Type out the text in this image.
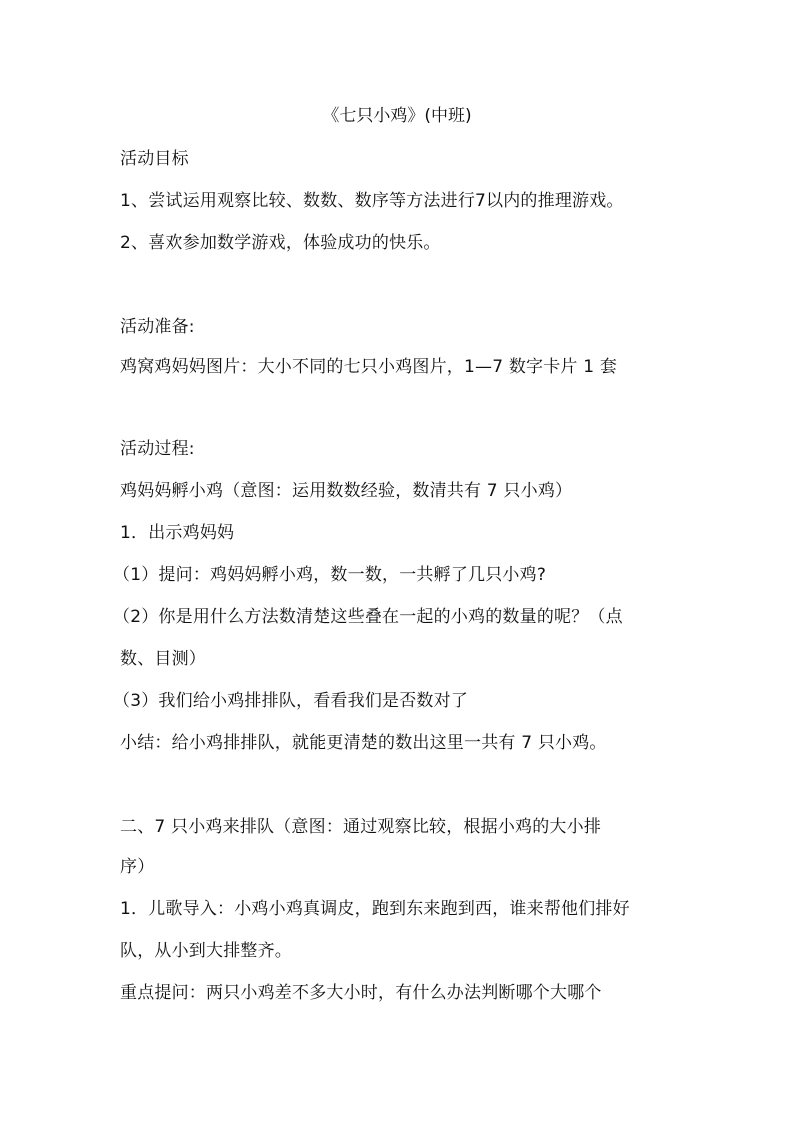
《七只小鸡》(中班)
活动目标
1、尝试运用观察比较、数数、数序等方法进行7以内的推理游戏。
2、喜欢参加数学游戏，体验成功的快乐。
活动准备:
鸡窝鸡妈妈图片：大小不同的七只小鸡图片，1—7 数字卡片 1 套
活动过程:
鸡妈妈孵小鸡（意图：运用数数经验，数清共有 7 只小鸡）
1．出示鸡妈妈
（1）提问：鸡妈妈孵小鸡，数一数，一共孵了几只小鸡?
（2）你是用什么方法数清楚这些叠在一起的小鸡的数量的呢？（点
数、目测）
（3）我们给小鸡排排队，看看我们是否数对了
小结：给小鸡排排队，就能更清楚的数出这里一共有 7 只小鸡。
二、7 只小鸡来排队（意图：通过观察比较，根据小鸡的大小排
序）
1．儿歌导入：小鸡小鸡真调皮，跑到东来跑到西，谁来帮他们排好
队，从小到大排整齐。
重点提问：两只小鸡差不多大小时，有什么办法判断哪个大哪个
